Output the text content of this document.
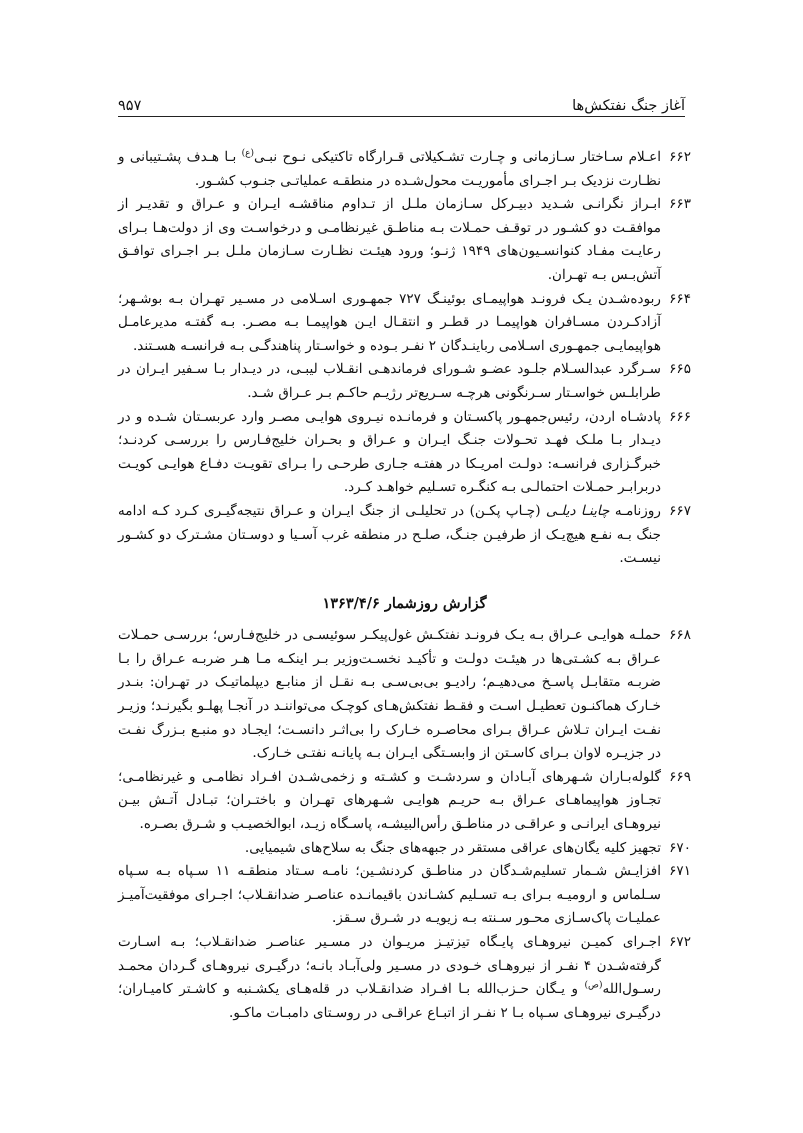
آغاز جنگ نفتکش‌ها
۹۵۷
۶۶۲
اعـلام سـاختار سـازمانی و چـارت تشـکیلاتی قـرارگاه تاکتیکی نـوح نبـی$^{(ع)}$ بـا هـدف پشـتیبانی و نظـارت نزدیک بـر اجـرای مأموریـت محول‌شـده در منطقـه عملیاتـی جنـوب کشـور.
۶۶۳
ابـراز نگرانـی شـدید دبیـرکل سـازمان ملـل از تـداوم مناقشـه ایـران و عـراق و تقدیـر از موافقـت دو کشـور در توقـف حمـلات بـه مناطـق غیرنظامـی و درخواسـت وی از دولت‌هـا بـرای رعایـت مفـاد کنوانسـیون‌های ۱۹۴۹ ژنـو؛ ورود هیئـت نظـارت سـازمان ملـل بـر اجـرای توافـق آتش‌بـس بـه تهـران.
۶۶۴
ربوده‌شـدن یـک فرونـد هواپیمـای بوئینـگ ۷۲۷ جمهـوری اسـلامی در مسـیر تهـران بـه بوشـهر؛ آزادکـردن مسـافران هواپیمـا در قطـر و انتقـال ایـن هواپیمـا بـه مصـر. بـه گفتـه مدیرعامـل هواپیمایـی جمهـوری اسـلامی رباینـدگان ۲ نفـر بـوده و خواسـتار پناهندگـی بـه فرانسـه هسـتند.
۶۶۵
سـرگرد عبدالسـلام جلـود عضـو شـورای فرماندهـی انقـلاب لیبـی، در دیـدار بـا سـفیر ایـران در طرابلـس خواسـتار سـرنگونی هرچـه سـریع‌تر رژیـم حاکـم بـر عـراق شـد.
۶۶۶
پادشـاه اردن، رئیس‌جمهـور پاکسـتان و فرمانـده نیـروی هوایـی مصـر وارد عربسـتان شـده و در دیـدار بـا ملـک فهـد تحـولات جنـگ ایـران و عـراق و بحـران خلیج‌فـارس را بررسـی کردنـد؛ خبرگـزاری فرانسـه: دولـت امریـکا در هفتـه جـاری طرحـی را بـرای تقویـت دفـاع هوایـی کویـت دربرابـر حمـلات احتمالـی بـه کنگـره تسـلیم خواهـد کـرد.
۶۶۷
روزنامـه چاینـا دیلـی (چـاپ پکـن) در تحلیلـی از جنگ ایـران و عـراق نتیجه‌گیـری کـرد کـه ادامه جنگ بـه نفـع هیچ‌یـک از طرفیـن جنـگ، صلـح در منطقه غرب آسـیا و دوسـتان مشـترک دو کشـور نیسـت.
گزارش روزشمار ۱۳۶۳/۴/۶
۶۶۸
حملـه هوایـی عـراق بـه یـک فرونـد نفتکـش غول‌پیکـر سوئیسـی در خلیج‌فـارس؛ بررسـی حمـلات عـراق بـه کشـتی‌ها در هیئـت دولـت و تأکیـد نخسـت‌وزیر بـر اینکـه مـا هـر ضربـه عـراق را بـا ضربـه متقابـل پاسـخ می‌دهیـم؛ رادیـو بی‌بی‌سـی بـه نقـل از منابـع دیپلماتیـک در تهـران: بنـدر خـارک هماکنـون تعطیـل اسـت و فقـط نفتکش‌هـای کوچـک می‌تواننـد در آنجـا پهلـو بگیرنـد؛ وزیـر نفـت ایـران تـلاش عـراق بـرای محاصـره خـارک را بی‌اثـر دانسـت؛ ایجـاد دو منبـع بـزرگ نفـت در جزیـره لاوان بـرای کاسـتن از وابسـتگی ایـران بـه پایانـه نفتـی خـارک.
۶۶۹
گلوله‌بـاران شـهرهای آبـادان و سردشـت و کشـته و زخمی‌شـدن افـراد نظامـی و غیرنظامـی؛ تجـاوز هواپیماهـای عـراق بـه حریـم هوایـی شـهرهای تهـران و باختـران؛ تبـادل آتـش بیـن نیروهـای ایرانـی و عراقـی در مناطـق رأس‌البیشـه، پاسـگاه زیـد، ابوالخصیـب و شـرق بصـره.
۶۷۰
تجهیز کلیه یگان‌های عراقی مستقر در جبهه‌های جنگ به سلاح‌های شیمیایی.
۶۷۱
افزایـش شـمار تسلیم‌شـدگان در مناطـق کردنشـین؛ نامـه سـتاد منطقـه ۱۱ سـپاه بـه سـپاه سـلماس و ارومیـه بـرای بـه تسـلیم کشـاندن باقیمانـده عناصـر ضدانقـلاب؛ اجـرای موفقیت‌آمیـز عملیـات پاک‌سـازی محـور سـنته بـه زیویـه در شـرق سـقز.
۶۷۲
اجـرای کمیـن نیروهـای پایـگاه تیزتیـز مریـوان در مسـیر عناصـر ضدانقـلاب؛ بـه اسـارت گرفته‌شـدن ۴ نفـر از نیروهـای خـودی در مسـیر ولی‌آبـاد بانـه؛ درگیـری نیروهـای گـردان محمـد رسـول‌الله$^{(ص)}$ و یـگان حـزب‌الله بـا افـراد ضدانقـلاب در قله‌هـای یکشـنبه و کاشـتر کامیـاران؛ درگیـری نیروهـای سـپاه بـا ۲ نفـر از اتبـاع عراقـی در روسـتای دامبـات ماکـو.
